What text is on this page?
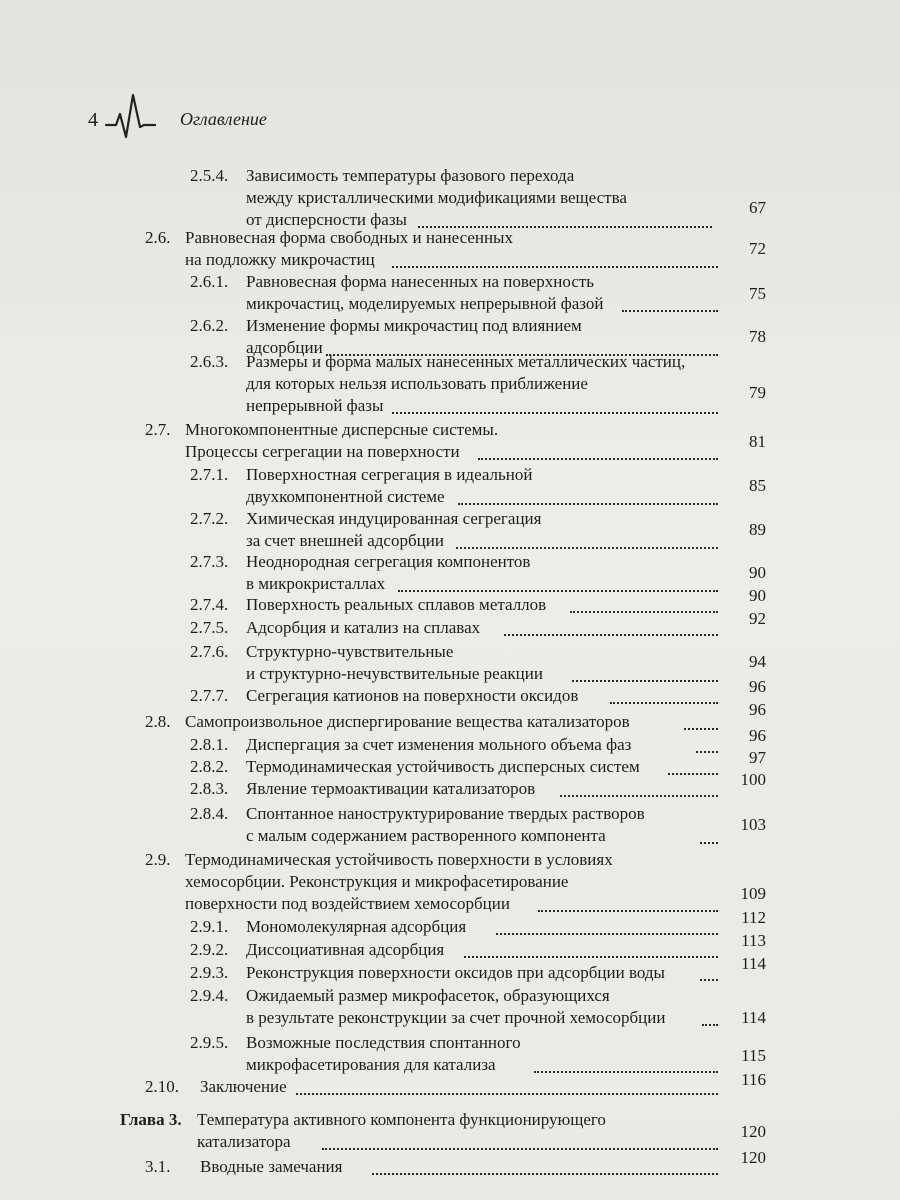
4	Оглавление
2.5.4. Зависимость температуры фазового перехода
между кристаллическими модификациями вещества
от дисперсности фазы
67
2.6. Равновесная форма свободных и нанесенных
на подложку микрочастиц
72
2.6.1. Равновесная форма нанесенных на поверхность
микрочастиц, моделируемых непрерывной фазой
75
2.6.2. Изменение формы микрочастиц под влиянием
адсорбции
78
2.6.3. Размеры и форма малых нанесенных металлических частиц,
для которых нельзя использовать приближение
непрерывной фазы
79
2.7. Многокомпонентные дисперсные системы.
Процессы сегрегации на поверхности
81
2.7.1. Поверхностная сегрегация в идеальной
двухкомпонентной системе
85
2.7.2. Химическая индуцированная сегрегация
за счет внешней адсорбции
89
2.7.3. Неоднородная сегрегация компонентов
в микрокристаллах
90
2.7.4. Поверхность реальных сплавов металлов	90
2.7.5. Адсорбция и катализ на сплавах	92
2.7.6. Структурно-чувствительные
и структурно-нечувствительные реакции
94
2.7.7. Сегрегация катионов на поверхности оксидов	96
2.8. Самопроизвольное диспергирование вещества катализаторов
96
2.8.1. Диспергация за счет изменения мольного объема фаз	96
2.8.2. Термодинамическая устойчивость дисперсных систем	97
2.8.3. Явление термоактивации катализаторов	100
2.8.4. Спонтанное наноструктурирование твердых растворов
с малым содержанием растворенного компонента
103
2.9. Термодинамическая устойчивость поверхности в условиях
хемосорбции. Реконструкция и микрофасетирование
поверхности под воздействием хемосорбции
109
2.9.1. Мономолекулярная адсорбция	112
2.9.2. Диссоциативная адсорбция	113
2.9.3. Реконструкция поверхности оксидов при адсорбции воды	114
2.9.4. Ожидаемый размер микрофасеток, образующихся
в результате реконструкции за счет прочной хемосорбции	114
2.9.5. Возможные последствия спонтанного
микрофасетирования для катализа	115
2.10. Заключение	116
Глава 3. Температура активного компонента функционирующего
катализатора
120
3.1. Вводные замечания	120
